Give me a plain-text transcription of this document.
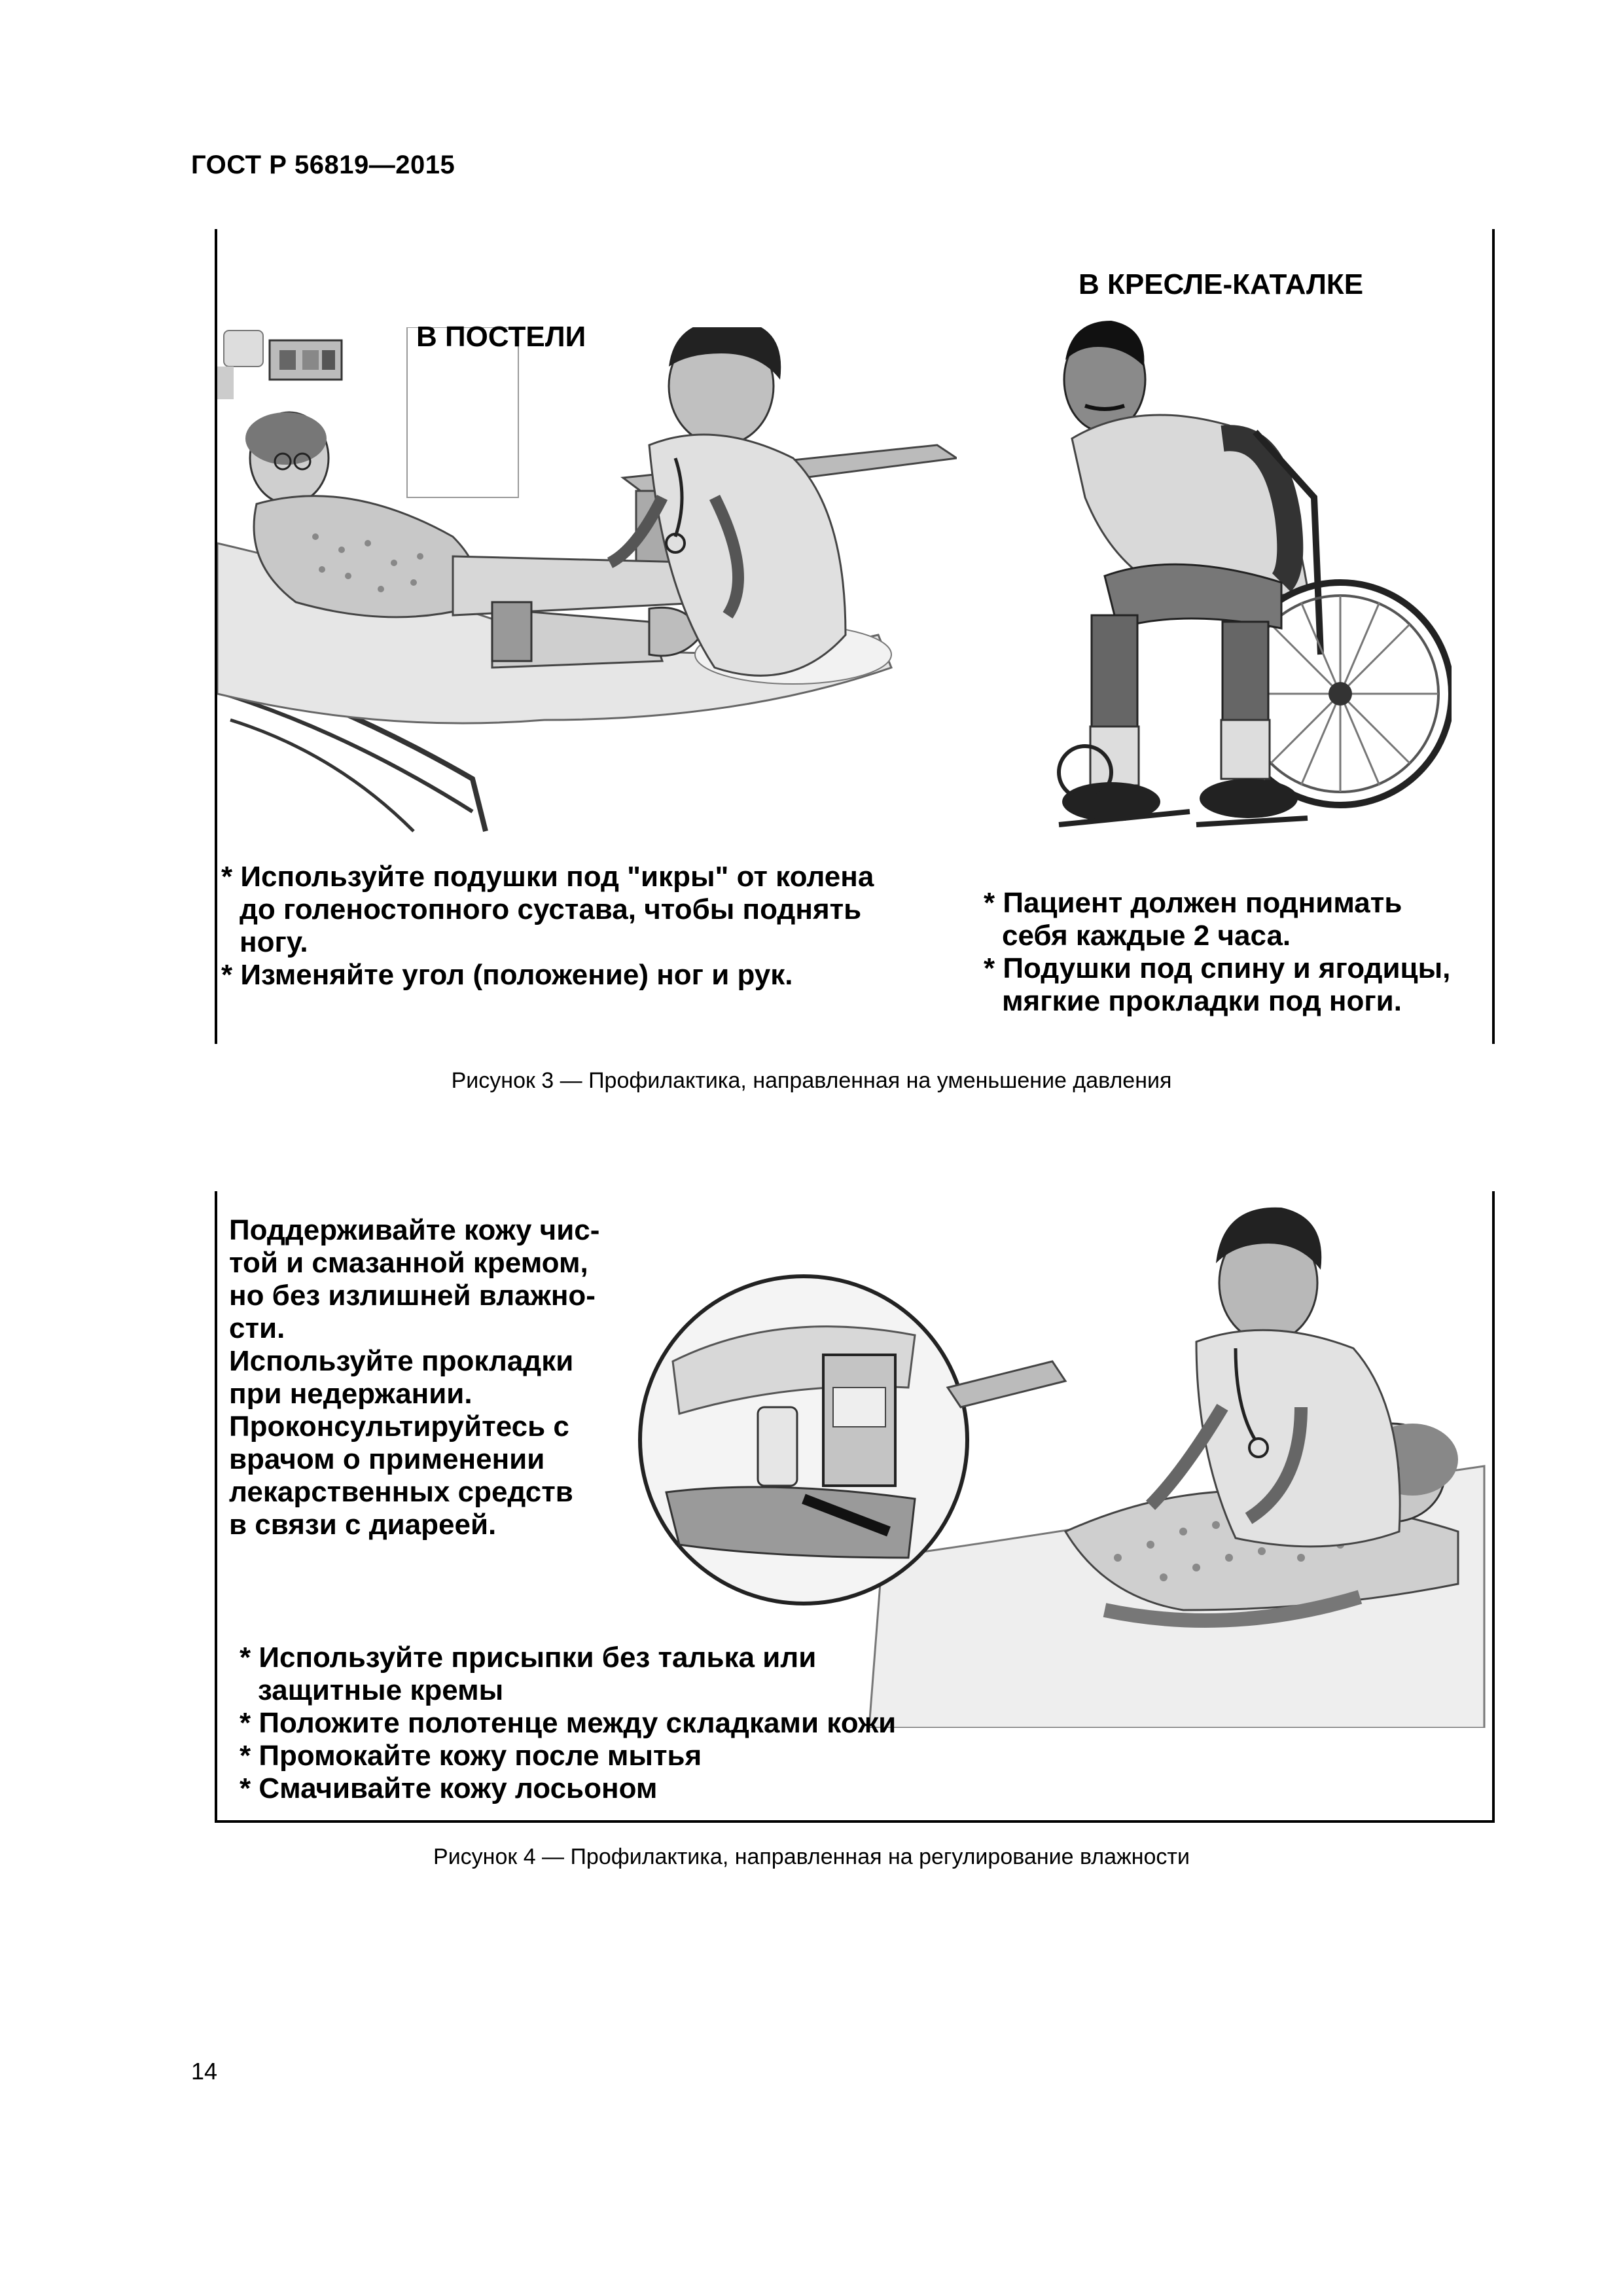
ГОСТ Р 56819—2015
В ПОСТЕЛИ
В КРЕСЛЕ-КАТАЛКЕ
* Используйте подушки под "икры" от колена
до голеностопного сустава, чтобы поднять
ногу.
* Изменяйте угол (положение) ног и рук.
* Пациент должен поднимать
себя каждые 2 часа.
* Подушки под спину и ягодицы,
мягкие прокладки под ноги.
Рисунок 3 — Профилактика, направленная на уменьшение давления
Поддерживайте кожу чис-
той и смазанной кремом,
но без излишней влажно-
сти.
Используйте прокладки
при недержании.
Проконсультируйтесь с
врачом о применении
лекарственных средств
в связи с диареей.
* Используйте присыпки без талька или
защитные кремы
* Положите полотенце между складками кожи
* Промокайте кожу после мытья
* Смачивайте кожу лосьоном
Рисунок 4 — Профилактика, направленная на регулирование влажности
14
